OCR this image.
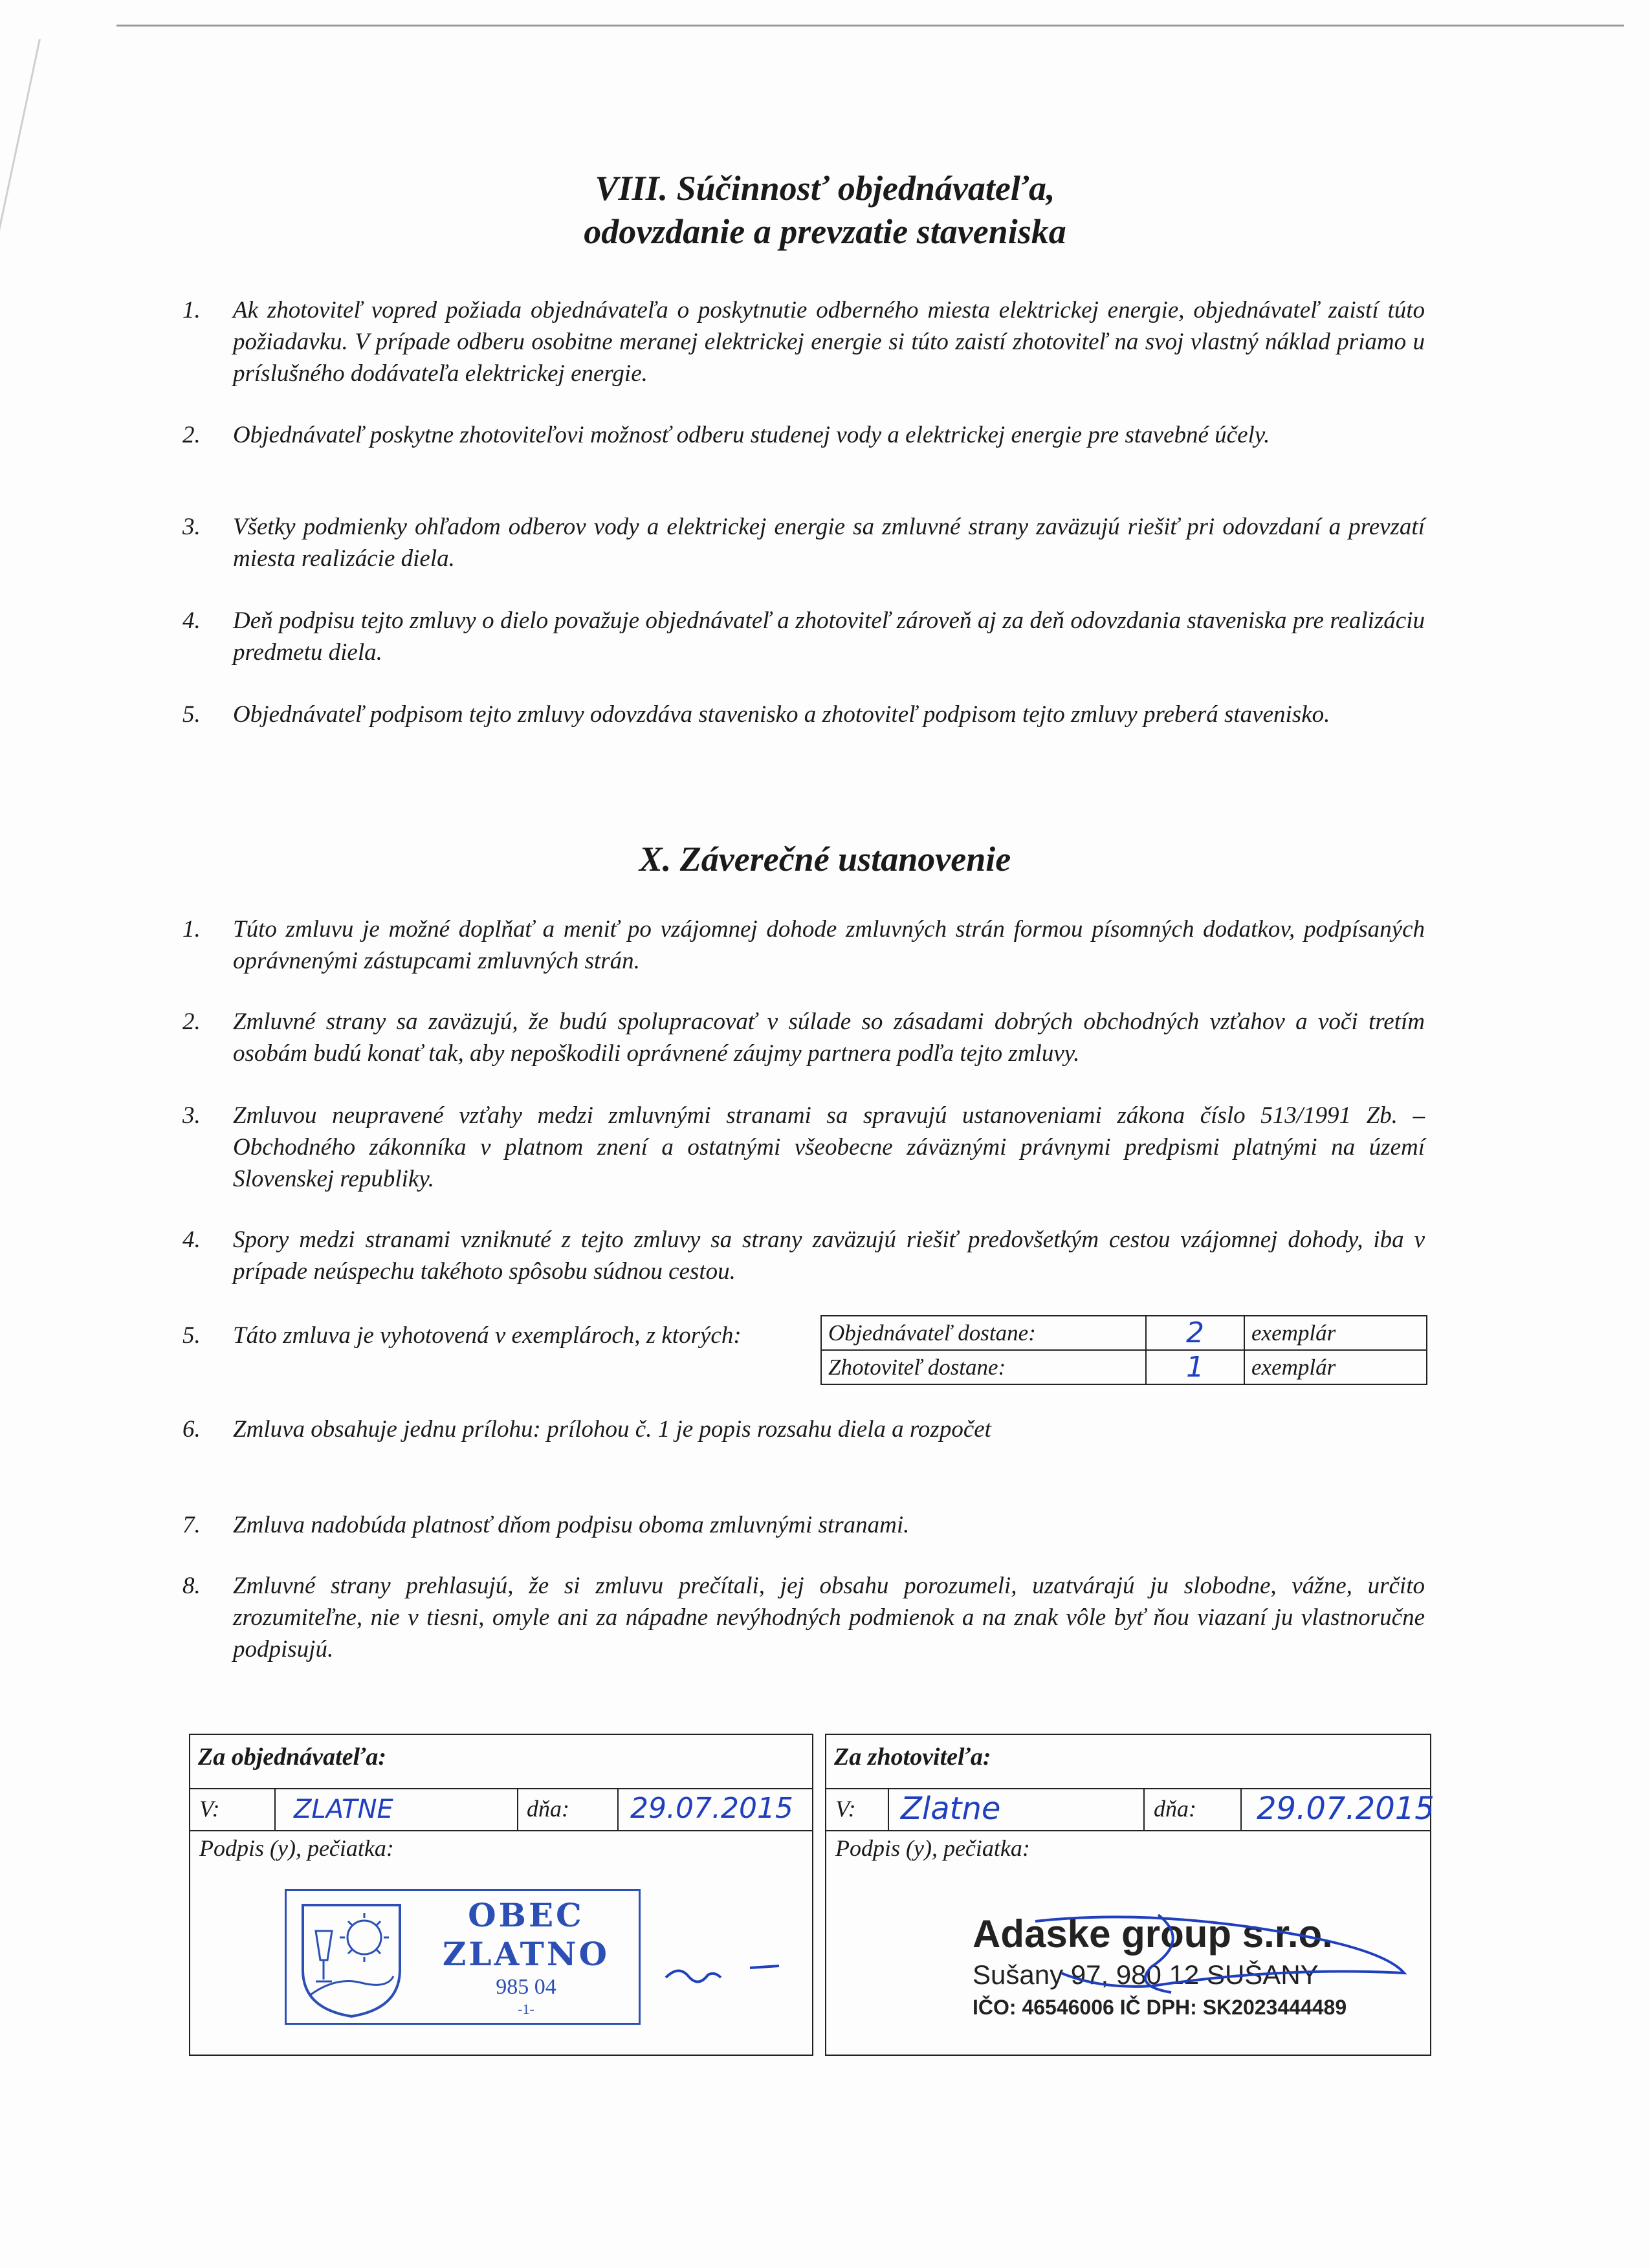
VIII. Súčinnosť objednávateľa,
odovzdanie a prevzatie staveniska
1.	Ak zhotoviteľ vopred požiada objednávateľa o poskytnutie odberného miesta elektrickej energie, objednávateľ zaistí túto požiadavku. V prípade odberu osobitne meranej elektrickej energie si túto zaistí zhotoviteľ na svoj vlastný náklad priamo u príslušného dodávateľa elektrickej energie.
2.	Objednávateľ poskytne zhotoviteľovi možnosť odberu studenej vody a elektrickej energie pre stavebné účely.
3.	Všetky podmienky ohľadom odberov vody a elektrickej energie sa zmluvné strany zaväzujú riešiť pri odovzdaní a prevzatí miesta realizácie diela.
4.	Deň podpisu tejto zmluvy o dielo považuje objednávateľ a zhotoviteľ zároveň aj za deň odovzdania staveniska pre realizáciu predmetu diela.
5.	Objednávateľ podpisom tejto zmluvy odovzdáva stavenisko a zhotoviteľ podpisom tejto zmluvy preberá stavenisko.
X. Záverečné ustanovenie
1.	Túto zmluvu je možné doplňať a meniť po vzájomnej dohode zmluvných strán formou písomných dodatkov, podpísaných oprávnenými zástupcami zmluvných strán.
2.	Zmluvné strany sa zaväzujú, že budú spolupracovať v súlade so zásadami dobrých obchodných vzťahov a voči tretím osobám budú konať tak, aby nepoškodili oprávnené záujmy partnera podľa tejto zmluvy.
3.	Zmluvou neupravené vzťahy medzi zmluvnými stranami sa spravujú ustanoveniami zákona číslo 513/1991 Zb. – Obchodného zákonníka v platnom znení a ostatnými všeobecne záväznými právnymi predpismi platnými na území Slovenskej republiky.
4.	Spory medzi stranami vzniknuté z tejto zmluvy sa strany zaväzujú riešiť predovšetkým cestou vzájomnej dohody, iba v prípade neúspechu takéhoto spôsobu súdnou cestou.
5.	Táto zmluva je vyhotovená v exemplároch, z ktorých:	Objednávateľ dostane:	2	exemplár
Zhotoviteľ dostane:	1	exemplár
6.	Zmluva obsahuje jednu prílohu: prílohou č. 1 je popis rozsahu diela a rozpočet
7.	Zmluva nadobúda platnosť dňom podpisu oboma zmluvnými stranami.
8.	Zmluvné strany prehlasujú, že si zmluvu prečítali, jej obsahu porozumeli, uzatvárajú ju slobodne, vážne, určito zrozumiteľne, nie v tiesni, omyle ani za nápadne nevýhodných podmienok a na znak vôle byť ňou viazaní ju vlastnoručne podpisujú.
Za objednávateľa:
V:	ZLATNE	dňa: 29.07.2015
Podpis (y), pečiatka:
OBEC
ZLATNO
985 04
-1-
Za zhotoviteľa:
V: Zlatne	dňa: 29.07.2015
Podpis (y), pečiatka:
Adaske group s.r.o.
Sušany 97, 980 12 SUŠANY
IČO: 46546006 IČ DPH: SK2023444489
